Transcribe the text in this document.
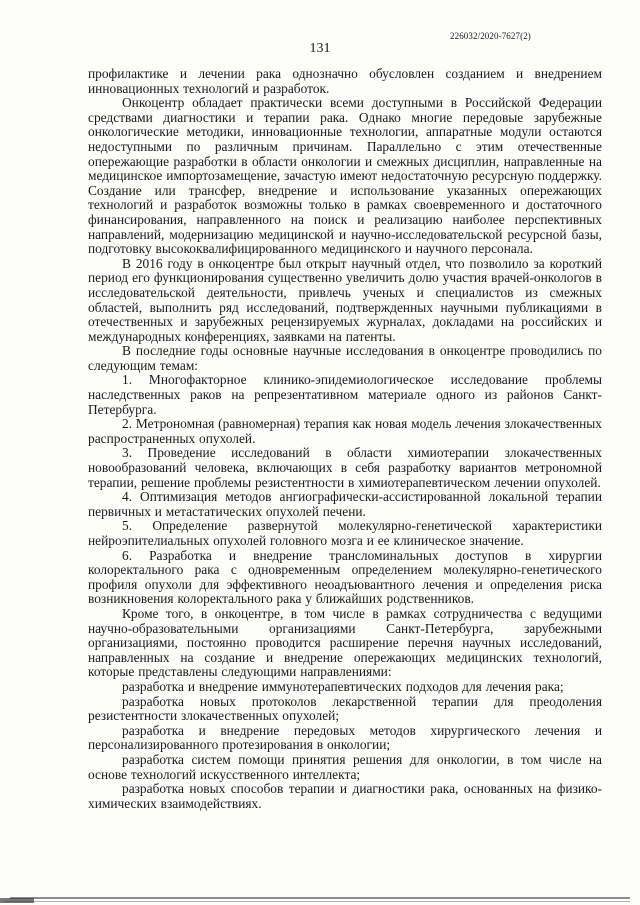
226032/2020-7627(2)
131

профилактике и лечении рака однозначно обусловлен созданием и внедрением инновационных технологий и разработок.

Онкоцентр обладает практически всеми доступными в Российской Федерации средствами диагностики и терапии рака. Однако многие передовые зарубежные онкологические методики, инновационные технологии, аппаратные модули остаются недоступными по различным причинам. Параллельно с этим отечественные опережающие разработки в области онкологии и смежных дисциплин, направленные на медицинское импортозамещение, зачастую имеют недостаточную ресурсную поддержку. Создание или трансфер, внедрение и использование указанных опережающих технологий и разработок возможны только в рамках своевременного и достаточного финансирования, направленного на поиск и реализацию наиболее перспективных направлений, модернизацию медицинской и научно-исследовательской ресурсной базы, подготовку высококвалифицированного медицинского и научного персонала.

В 2016 году в онкоцентре был открыт научный отдел, что позволило за короткий период его функционирования существенно увеличить долю участия врачей-онкологов в исследовательской деятельности, привлечь ученых и специалистов из смежных областей, выполнить ряд исследований, подтвержденных научными публикациями в отечественных и зарубежных рецензируемых журналах, докладами на российских и международных конференциях, заявками на патенты.

В последние годы основные научные исследования в онкоцентре проводились по следующим темам:

1. Многофакторное клинико-эпидемиологическое исследование проблемы наследственных раков на репрезентативном материале одного из районов Санкт-Петербурга.

2. Метрономная (равномерная) терапия как новая модель лечения злокачественных распространенных опухолей.

3. Проведение исследований в области химиотерапии злокачественных новообразований человека, включающих в себя разработку вариантов метрономной терапии, решение проблемы резистентности в химиотерапевтическом лечении опухолей.

4. Оптимизация методов ангиографически-ассистированной локальной терапии первичных и метастатических опухолей печени.

5. Определение развернутой молекулярно-генетической характеристики нейроэпителиальных опухолей головного мозга и ее клиническое значение.

6. Разработка и внедрение трансломинальных доступов в хирургии колоректального рака с одновременным определением молекулярно-генетического профиля опухоли для эффективного неоадъювантного лечения и определения риска возникновения колоректального рака у ближайших родственников.

Кроме того, в онкоцентре, в том числе в рамках сотрудничества с ведущими научно-образовательными организациями Санкт-Петербурга, зарубежными организациями, постоянно проводится расширение перечня научных исследований, направленных на создание и внедрение опережающих медицинских технологий, которые представлены следующими направлениями:

разработка и внедрение иммунотерапевтических подходов для лечения рака;

разработка новых протоколов лекарственной терапии для преодоления резистентности злокачественных опухолей;

разработка и внедрение передовых методов хирургического лечения и персонализированного протезирования в онкологии;

разработка систем помощи принятия решения для онкологии, в том числе на основе технологий искусственного интеллекта;

разработка новых способов терапии и диагностики рака, основанных на физико-химических взаимодействиях.
